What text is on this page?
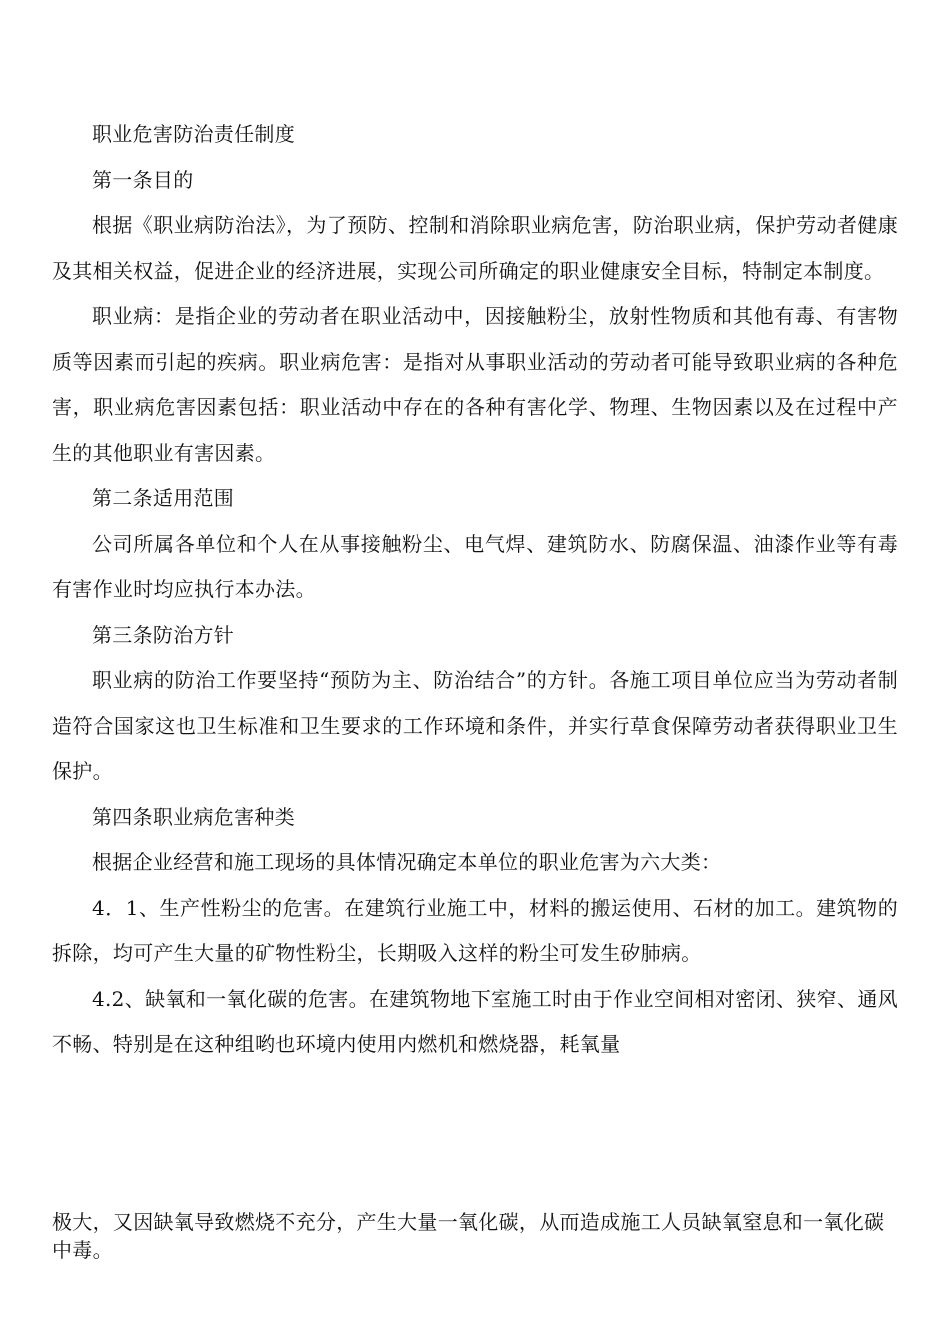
职业危害防治责任制度

第一条目的

根据《职业病防治法》，为了预防、控制和消除职业病危害，防治职业病，保护劳动者健康及其相关权益，促进企业的经济进展，实现公司所确定的职业健康安全目标，特制定本制度。

职业病：是指企业的劳动者在职业活动中，因接触粉尘，放射性物质和其他有毒、有害物质等因素而引起的疾病。职业病危害：是指对从事职业活动的劳动者可能导致职业病的各种危害，职业病危害因素包括：职业活动中存在的各种有害化学、物理、生物因素以及在过程中产生的其他职业有害因素。

第二条适用范围

公司所属各单位和个人在从事接触粉尘、电气焊、建筑防水、防腐保温、油漆作业等有毒有害作业时均应执行本办法。

第三条防治方针

职业病的防治工作要坚持“预防为主、防治结合”的方针。各施工项目单位应当为劳动者制造符合国家这也卫生标准和卫生要求的工作环境和条件，并实行草食保障劳动者获得职业卫生保护。

第四条职业病危害种类

根据企业经营和施工现场的具体情况确定本单位的职业危害为六大类：

4．1、生产性粉尘的危害。在建筑行业施工中，材料的搬运使用、石材的加工。建筑物的拆除，均可产生大量的矿物性粉尘，长期吸入这样的粉尘可发生矽肺病。

4.2、缺氧和一氧化碳的危害。在建筑物地下室施工时由于作业空间相对密闭、狭窄、通风不畅、特别是在这种组哟也环境内使用内燃机和燃烧器，耗氧量

极大，又因缺氧导致燃烧不充分，产生大量一氧化碳，从而造成施工人员缺氧窒息和一氧化碳中毒。
